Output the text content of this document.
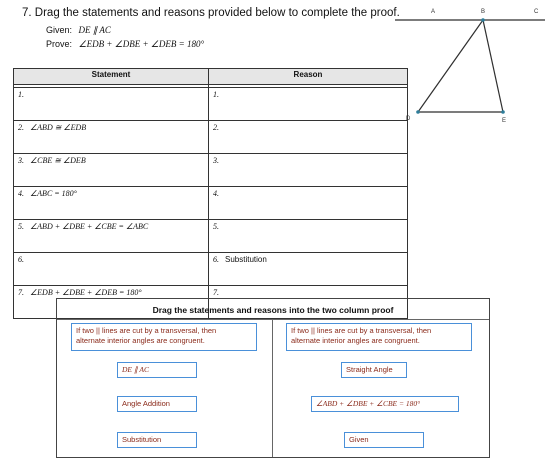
7. Drag the statements and reasons provided below to complete the proof.
Given: DE ∥ AC
Prove: ∠EDB + ∠DBE + ∠DEB = 180°
A	B	C
D	E
Statement	Reason

1.	1.
2. ∠ABD ≅ ∠EDB	2.
3. ∠CBE ≅ ∠DEB	3.
4. ∠ABC = 180°	4.
5. ∠ABD + ∠DBE + ∠CBE = ∠ABC	5.
6.	6. Substitution
7. ∠EDB + ∠DBE + ∠DEB = 180°	7.
Drag the statements and reasons into the two column proof
If two || lines are cut by a transversal, then
alternate interior angles are congruent.
If two || lines are cut by a transversal, then
alternate interior angles are congruent.
DE ∥ AC	Straight Angle
Angle Addition	∠ABD + ∠DBE + ∠CBE = 180°
Substitution	Given
